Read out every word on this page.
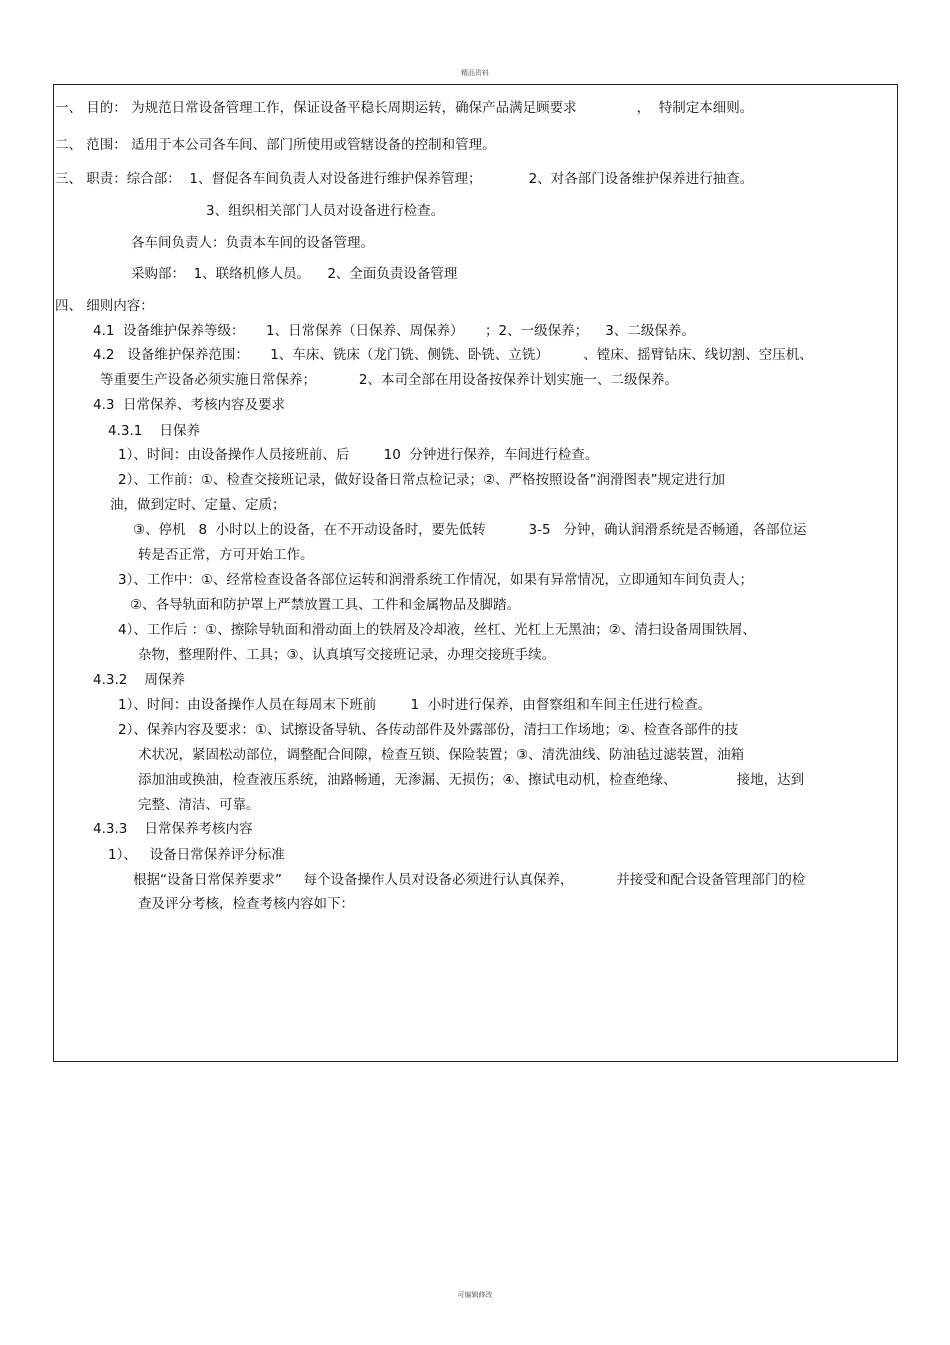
精品资料
一、 目的： 为规范日常设备管理工作，保证设备平稳长周期运转，确保产品满足顾要求              ，  特制定本细则。
二、 范围： 适用于本公司各车间、部门所使用或管辖设备的控制和管理。
三、 职责：综合部：  1、督促各车间负责人对设备进行维护保养管理；           2、对各部门设备维护保养进行抽查。
3、组织相关部门人员对设备进行检查。
各车间负责人：负责本车间的设备管理。
采购部：  1、联络机修人员。    2、全面负责设备管理
四、 细则内容：
4.1  设备维护保养等级：     1、日常保养（日保养、周保养）     ；2、一级保养；    3、二级保养。
4.2   设备维护保养范围：     1、车床、铣床（龙门铣、侧铣、卧铣、立铣）        、镗床、摇臂钻床、线切割、空压机、
等重要生产设备必须实施日常保养；          2、本司全部在用设备按保养计划实施一、二级保养。
4.3  日常保养、考核内容及要求
4.3.1    日保养
1）、时间：由设备操作人员接班前、后        10  分钟进行保养，车间进行检查。
2）、工作前：①、检查交接班记录，做好设备日常点检记录；②、严格按照设备”润滑图表”规定进行加
油，做到定时、定量、定质；
③、停机   8  小时以上的设备，在不开动设备时，要先低转          3-5   分钟，确认润滑系统是否畅通，各部位运
转是否正常，方可开始工作。
3）、工作中：①、经常检查设备各部位运转和润滑系统工作情况，如果有异常情况，立即通知车间负责人；
②、各导轨面和防护罩上严禁放置工具、工件和金属物品及脚踏。
4）、工作后 ：①、擦除导轨面和滑动面上的铁屑及冷却液，丝杠、光杠上无黑油；②、清扫设备周围铁屑、
杂物，整理附件、工具；③、认真填写交接班记录，办理交接班手续。
4.3.2    周保养
1）、时间：由设备操作人员在每周末下班前        1  小时进行保养，由督察组和车间主任进行检查。
2）、保养内容及要求：①、试擦设备导轨、各传动部件及外露部份，清扫工作场地；②、检查各部件的技
术状况，紧固松动部位，调整配合间隙，检查互锁、保险装置；③、清洗油线、防油毡过滤装置，油箱
添加油或换油，检查液压系统，油路畅通，无渗漏、无损伤；④、擦试电动机，检查绝缘、              接地，达到
完整、清洁、可靠。
4.3.3    日常保养考核内容
1）、   设备日常保养评分标准
根据“设备日常保养要求”     每个设备操作人员对设备必须进行认真保养，          并接受和配合设备管理部门的检
查及评分考核，检查考核内容如下：
可编辑修改
